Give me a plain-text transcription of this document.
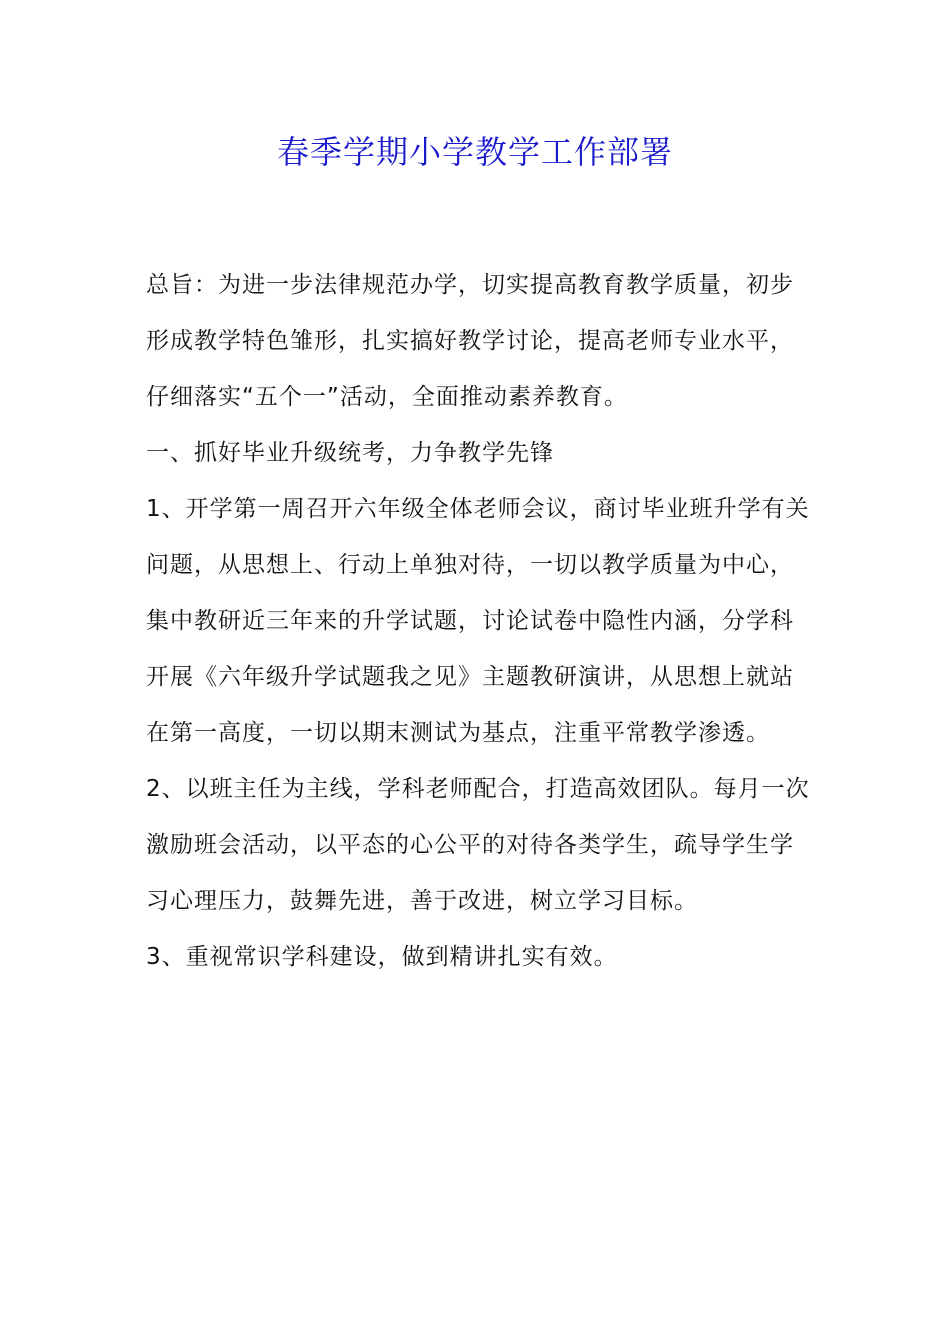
春季学期小学教学工作部署
总旨：为进一步法律规范办学，切实提高教育教学质量，初步
形成教学特色雏形，扎实搞好教学讨论，提高老师专业水平，
仔细落实“五个一”活动，全面推动素养教育。
一、抓好毕业升级统考，力争教学先锋
1、开学第一周召开六年级全体老师会议，商讨毕业班升学有关
问题，从思想上、行动上单独对待，一切以教学质量为中心，
集中教研近三年来的升学试题，讨论试卷中隐性内涵，分学科
开展《六年级升学试题我之见》主题教研演讲，从思想上就站
在第一高度，一切以期末测试为基点，注重平常教学渗透。
2、以班主任为主线，学科老师配合，打造高效团队。每月一次
激励班会活动，以平态的心公平的对待各类学生，疏导学生学
习心理压力，鼓舞先进，善于改进，树立学习目标。
3、重视常识学科建设，做到精讲扎实有效。
